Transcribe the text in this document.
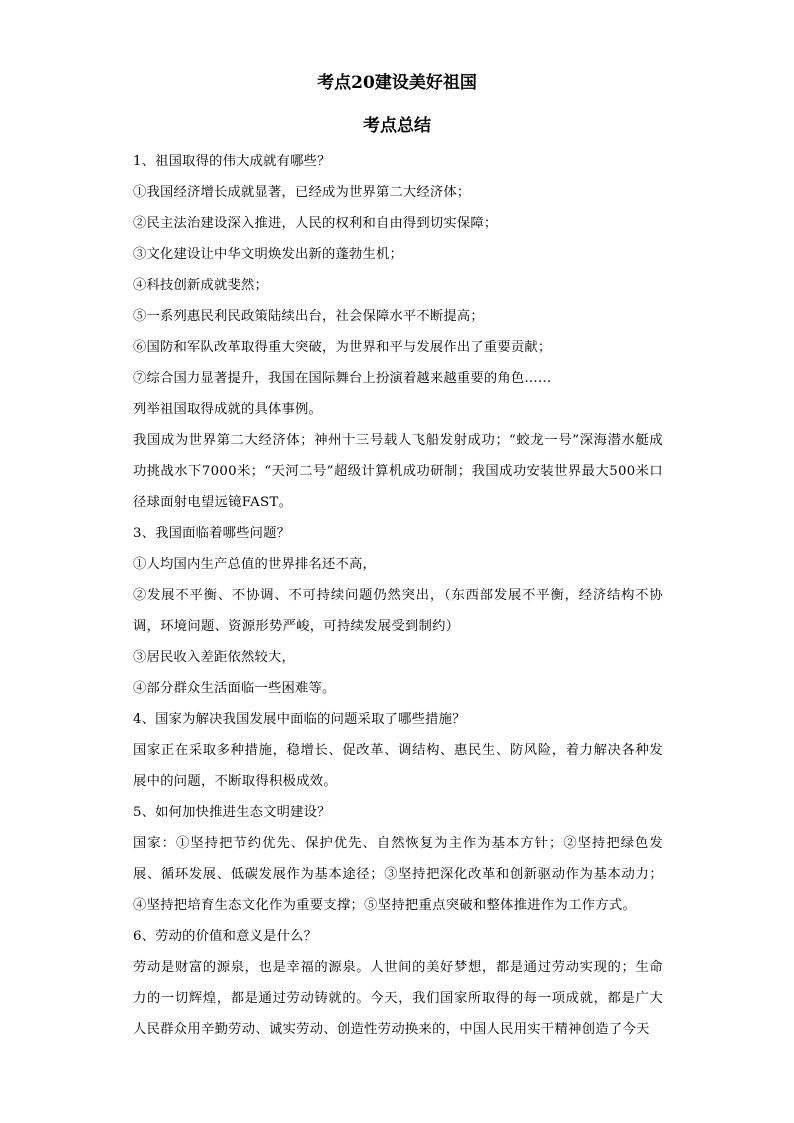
考点20建设美好祖国
考点总结
1、祖国取得的伟大成就有哪些？
①我国经济增长成就显著，已经成为世界第二大经济体；
②民主法治建设深入推进，人民的权利和自由得到切实保障；
③文化建设让中华文明焕发出新的蓬勃生机；
④科技创新成就斐然；
⑤一系列惠民利民政策陆续出台，社会保障水平不断提高；
⑥国防和军队改革取得重大突破，为世界和平与发展作出了重要贡献；
⑦综合国力显著提升，我国在国际舞台上扮演着越来越重要的角色……
列举祖国取得成就的具体事例。
我国成为世界第二大经济体；神州十三号载人飞船发射成功；“蛟龙一号”深海潜水艇成功挑战水下7000米；“天河二号”超级计算机成功研制；我国成功安装世界最大500米口径球面射电望远镜FAST。
3、我国面临着哪些问题？
①人均国内生产总值的世界排名还不高，
②发展不平衡、不协调、不可持续问题仍然突出，（东西部发展不平衡，经济结构不协调，环境问题、资源形势严峻，可持续发展受到制约）
③居民收入差距依然较大，
④部分群众生活面临一些困难等。
4、国家为解决我国发展中面临的问题采取了哪些措施？
国家正在采取多种措施，稳增长、促改革、调结构、惠民生、防风险，着力解决各种发展中的问题，不断取得积极成效。
5、如何加快推进生态文明建设？
国家：①坚持把节约优先、保护优先、自然恢复为主作为基本方针；②坚持把绿色发展、循环发展、低碳发展作为基本途径；③坚持把深化改革和创新驱动作为基本动力；④坚持把培育生态文化作为重要支撑；⑤坚持把重点突破和整体推进作为工作方式。
6、劳动的价值和意义是什么？
劳动是财富的源泉，也是幸福的源泉。人世间的美好梦想，都是通过劳动实现的；生命力的一切辉煌，都是通过劳动铸就的。今天，我们国家所取得的每一项成就，都是广大人民群众用辛勤劳动、诚实劳动、创造性劳动换来的，中国人民用实干精神创造了今天
